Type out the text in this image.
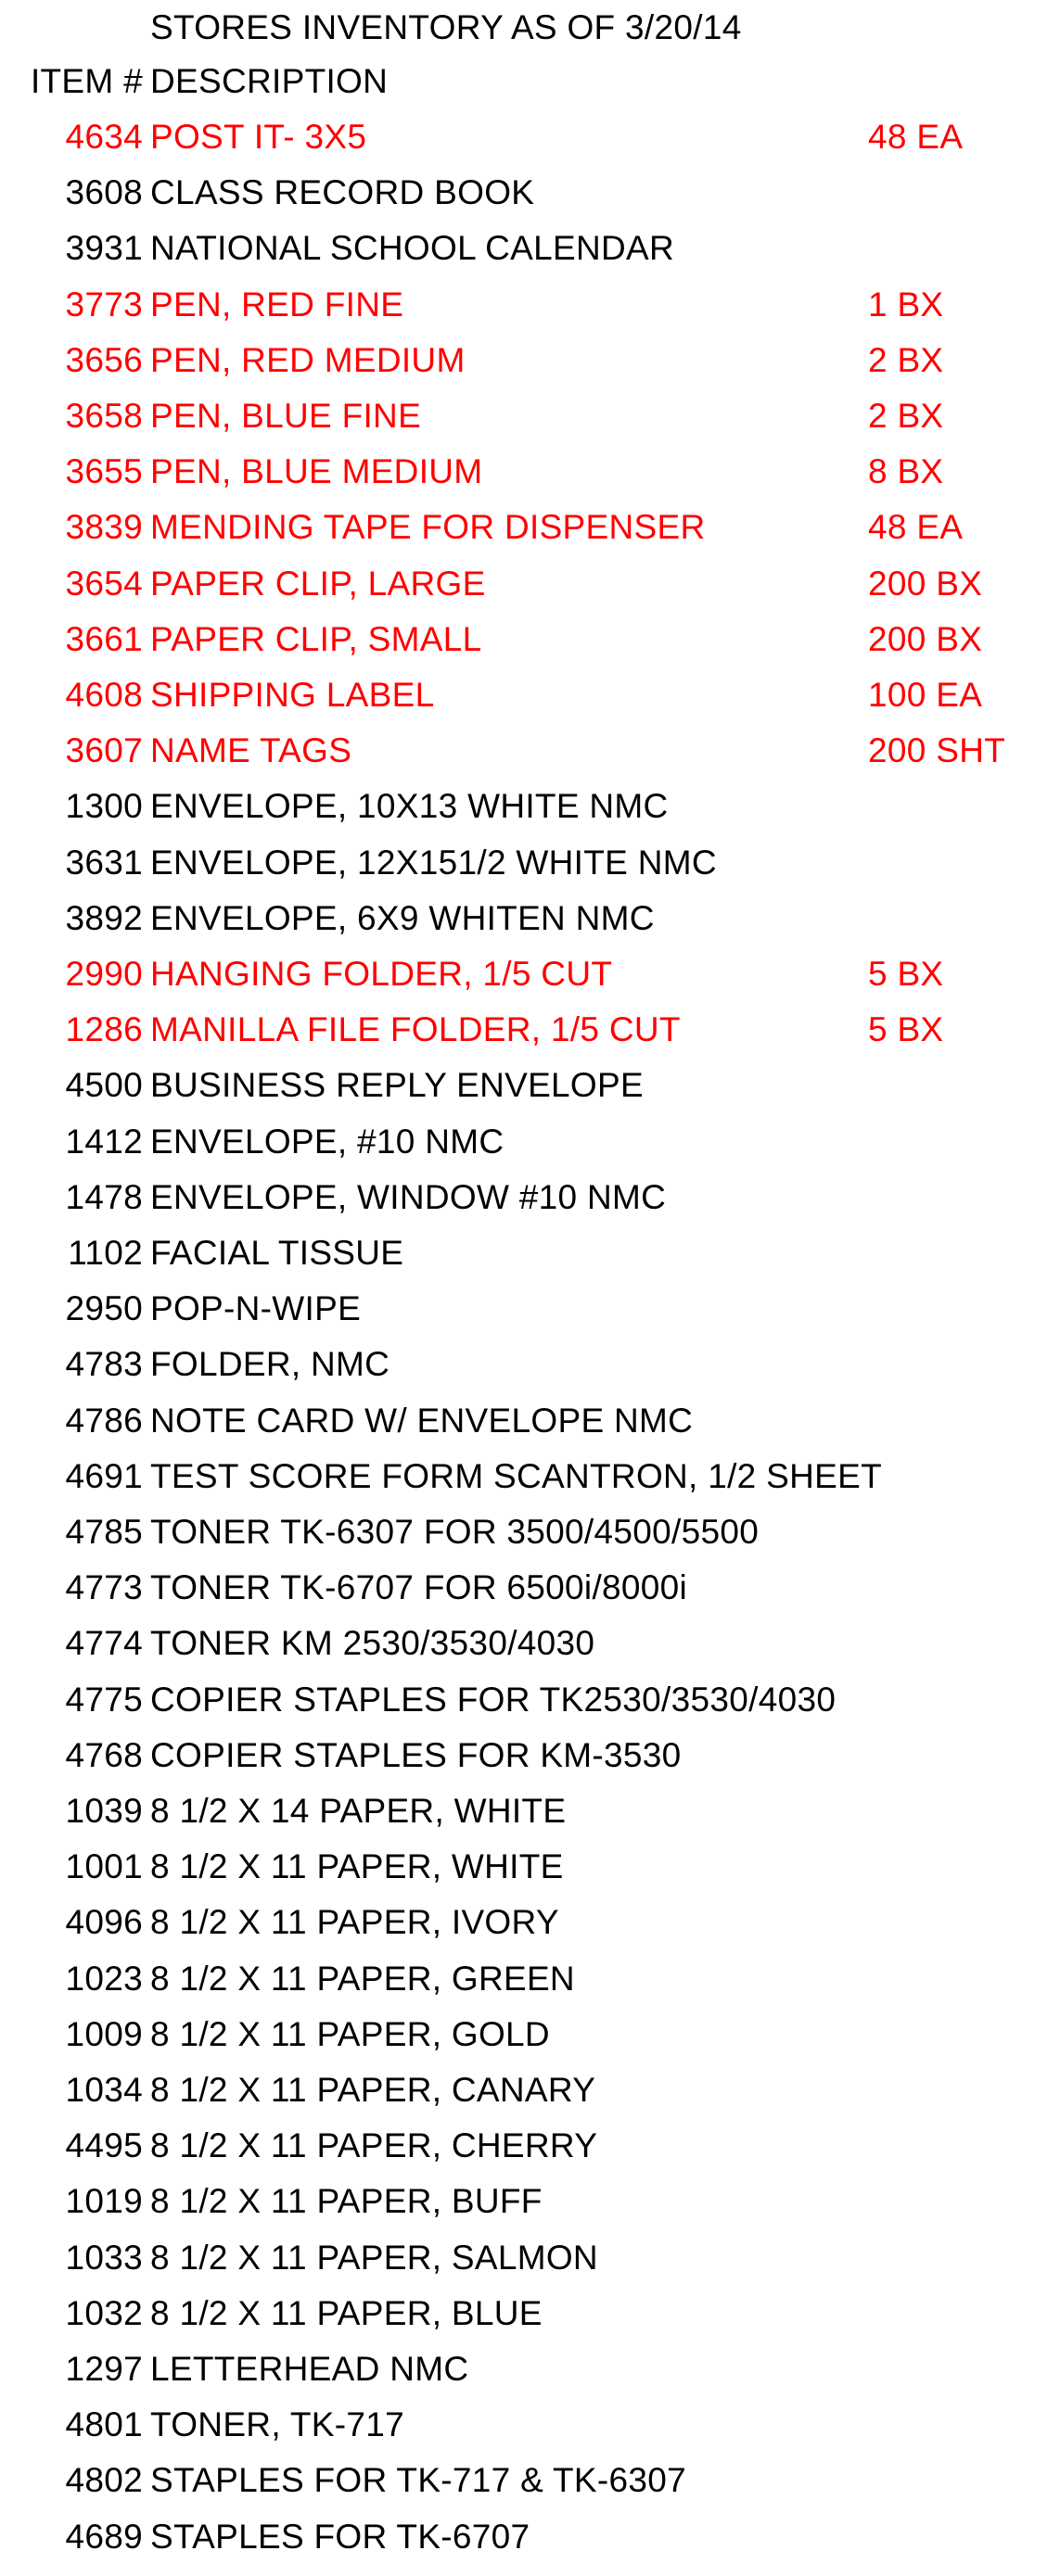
STORES INVENTORY AS OF 3/20/14
ITEM # DESCRIPTION
4634 POST IT- 3X5	48 EA
3608 CLASS RECORD BOOK
3931 NATIONAL SCHOOL CALENDAR
3773 PEN, RED FINE	1 BX
3656 PEN, RED MEDIUM	2 BX
3658 PEN, BLUE FINE	2 BX
3655 PEN, BLUE MEDIUM	8 BX
3839 MENDING TAPE FOR DISPENSER	48 EA
3654 PAPER CLIP, LARGE	200 BX
3661 PAPER CLIP, SMALL	200 BX
4608 SHIPPING LABEL	100 EA
3607 NAME TAGS	200 SHT
1300 ENVELOPE, 10X13 WHITE NMC
3631 ENVELOPE, 12X151/2 WHITE NMC
3892 ENVELOPE, 6X9 WHITEN NMC
2990 HANGING FOLDER, 1/5 CUT	5 BX
1286 MANILLA FILE FOLDER, 1/5 CUT	5 BX
4500 BUSINESS REPLY ENVELOPE
1412 ENVELOPE, #10 NMC
1478 ENVELOPE, WINDOW #10 NMC
1102 FACIAL TISSUE
2950 POP-N-WIPE
4783 FOLDER, NMC
4786 NOTE CARD W/ ENVELOPE NMC
4691 TEST SCORE FORM SCANTRON, 1/2 SHEET
4785 TONER TK-6307 FOR 3500/4500/5500
4773 TONER TK-6707 FOR 6500i/8000i
4774 TONER KM 2530/3530/4030
4775 COPIER STAPLES FOR TK2530/3530/4030
4768 COPIER STAPLES FOR KM-3530
1039 8 1/2 X 14 PAPER, WHITE
1001 8 1/2 X 11 PAPER, WHITE
4096 8 1/2 X 11 PAPER, IVORY
1023 8 1/2 X 11 PAPER, GREEN
1009 8 1/2 X 11 PAPER, GOLD
1034 8 1/2 X 11 PAPER, CANARY
4495 8 1/2 X 11 PAPER, CHERRY
1019 8 1/2 X 11 PAPER, BUFF
1033 8 1/2 X 11 PAPER, SALMON
1032 8 1/2 X 11 PAPER, BLUE
1297 LETTERHEAD NMC
4801 TONER, TK-717
4802 STAPLES FOR TK-717 & TK-6307
4689 STAPLES FOR TK-6707
